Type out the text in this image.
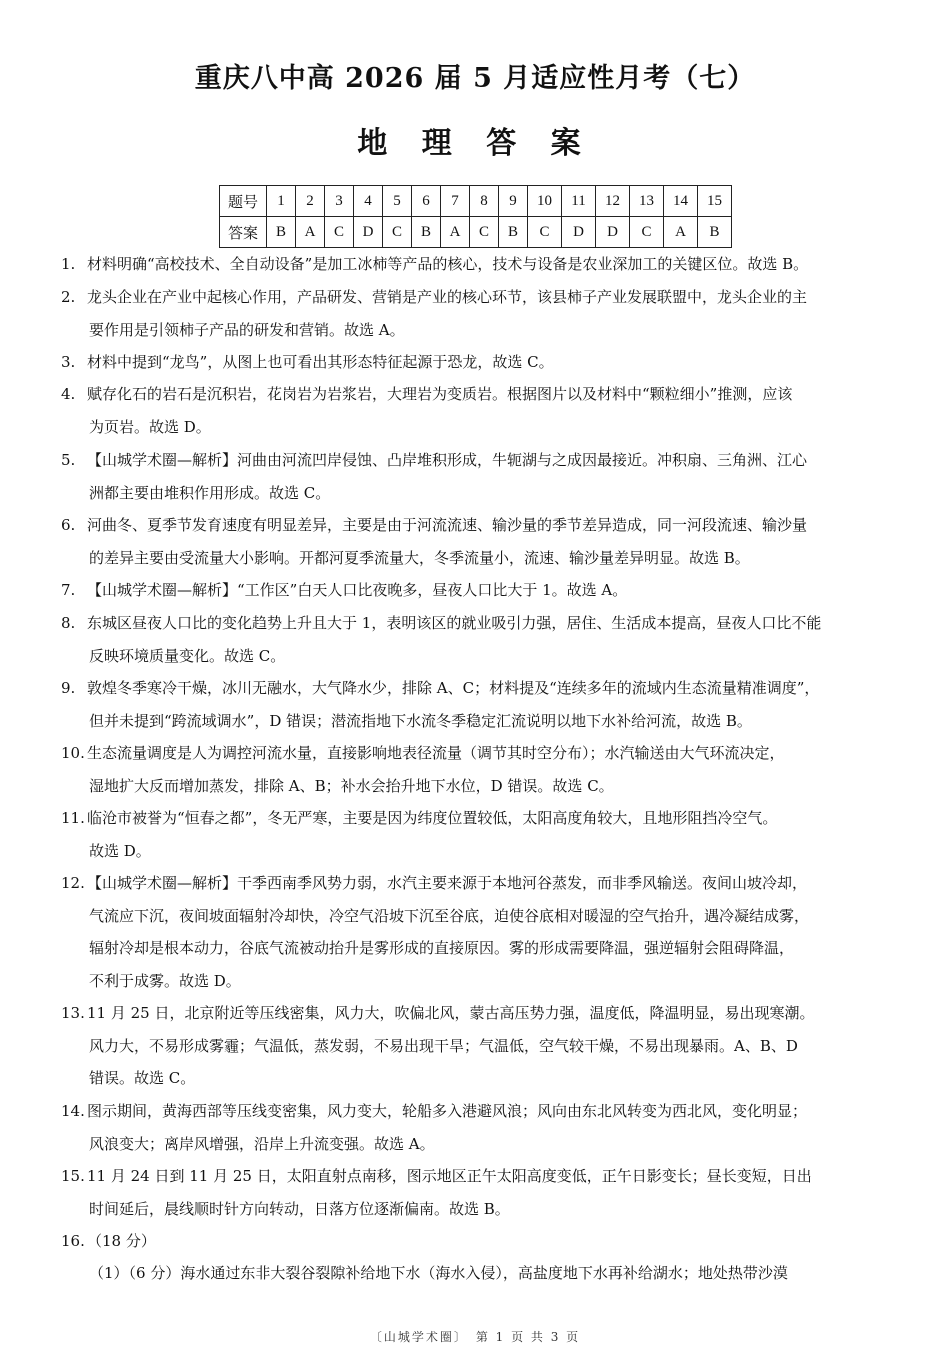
重庆八中高 2026 届 5 月适应性月考（七）
地 理 答 案
题号	1	2	3	4	5	6	7	8	9	10	11	12	13	14	15
答案	B	A	C	D	C	B	A	C	B	C	D	D	C	A	B
1. 材料明确“高校技术、全自动设备”是加工冰柿等产品的核心，技术与设备是农业深加工的关键区位。故选 B。
2. 龙头企业在产业中起核心作用，产品研发、营销是产业的核心环节，该县柿子产业发展联盟中，龙头企业的主
要作用是引领柿子产品的研发和营销。故选 A。
3. 材料中提到“龙鸟”，从图上也可看出其形态特征起源于恐龙，故选 C。
4. 赋存化石的岩石是沉积岩，花岗岩为岩浆岩，大理岩为变质岩。根据图片以及材料中“颗粒细小”推测，应该
为页岩。故选 D。
5. 【山城学术圈—解析】河曲由河流凹岸侵蚀、凸岸堆积形成，牛轭湖与之成因最接近。冲积扇、三角洲、江心
洲都主要由堆积作用形成。故选 C。
6. 河曲冬、夏季节发育速度有明显差异，主要是由于河流流速、输沙量的季节差异造成，同一河段流速、输沙量
的差异主要由受流量大小影响。开都河夏季流量大，冬季流量小，流速、输沙量差异明显。故选 B。
7. 【山城学术圈—解析】“工作区”白天人口比夜晚多，昼夜人口比大于 1。故选 A。
8. 东城区昼夜人口比的变化趋势上升且大于 1，表明该区的就业吸引力强，居住、生活成本提高，昼夜人口比不能
反映环境质量变化。故选 C。
9. 敦煌冬季寒冷干燥，冰川无融水，大气降水少，排除 A、C；材料提及“连续多年的流域内生态流量精准调度”，
但并未提到“跨流域调水”，D 错误；潜流指地下水流冬季稳定汇流说明以地下水补给河流，故选 B。
10. 生态流量调度是人为调控河流水量，直接影响地表径流量（调节其时空分布）；水汽输送由大气环流决定，
湿地扩大反而增加蒸发，排除 A、B；补水会抬升地下水位，D 错误。故选 C。
11. 临沧市被誉为“恒春之都”，冬无严寒，主要是因为纬度位置较低，太阳高度角较大，且地形阻挡冷空气。
故选 D。
12. 【山城学术圈—解析】干季西南季风势力弱，水汽主要来源于本地河谷蒸发，而非季风输送。夜间山坡冷却，
气流应下沉，夜间坡面辐射冷却快，冷空气沿坡下沉至谷底，迫使谷底相对暖湿的空气抬升，遇冷凝结成雾，
辐射冷却是根本动力，谷底气流被动抬升是雾形成的直接原因。雾的形成需要降温，强逆辐射会阻碍降温，
不利于成雾。故选 D。
13. 11 月 25 日，北京附近等压线密集，风力大，吹偏北风，蒙古高压势力强，温度低，降温明显，易出现寒潮。
风力大，不易形成雾霾；气温低，蒸发弱，不易出现干旱；气温低，空气较干燥，不易出现暴雨。A、B、D
错误。故选 C。
14. 图示期间，黄海西部等压线变密集，风力变大，轮船多入港避风浪；风向由东北风转变为西北风，变化明显；
风浪变大；离岸风增强，沿岸上升流变强。故选 A。
15. 11 月 24 日到 11 月 25 日，太阳直射点南移，图示地区正午太阳高度变低，正午日影变长；昼长变短，日出
时间延后，晨线顺时针方向转动，日落方位逐渐偏南。故选 B。
16. （18 分）
（1）（6 分）海水通过东非大裂谷裂隙补给地下水（海水入侵），高盐度地下水再补给湖水；地处热带沙漠
〔山城学术圈〕　第 1 页 共 3 页
